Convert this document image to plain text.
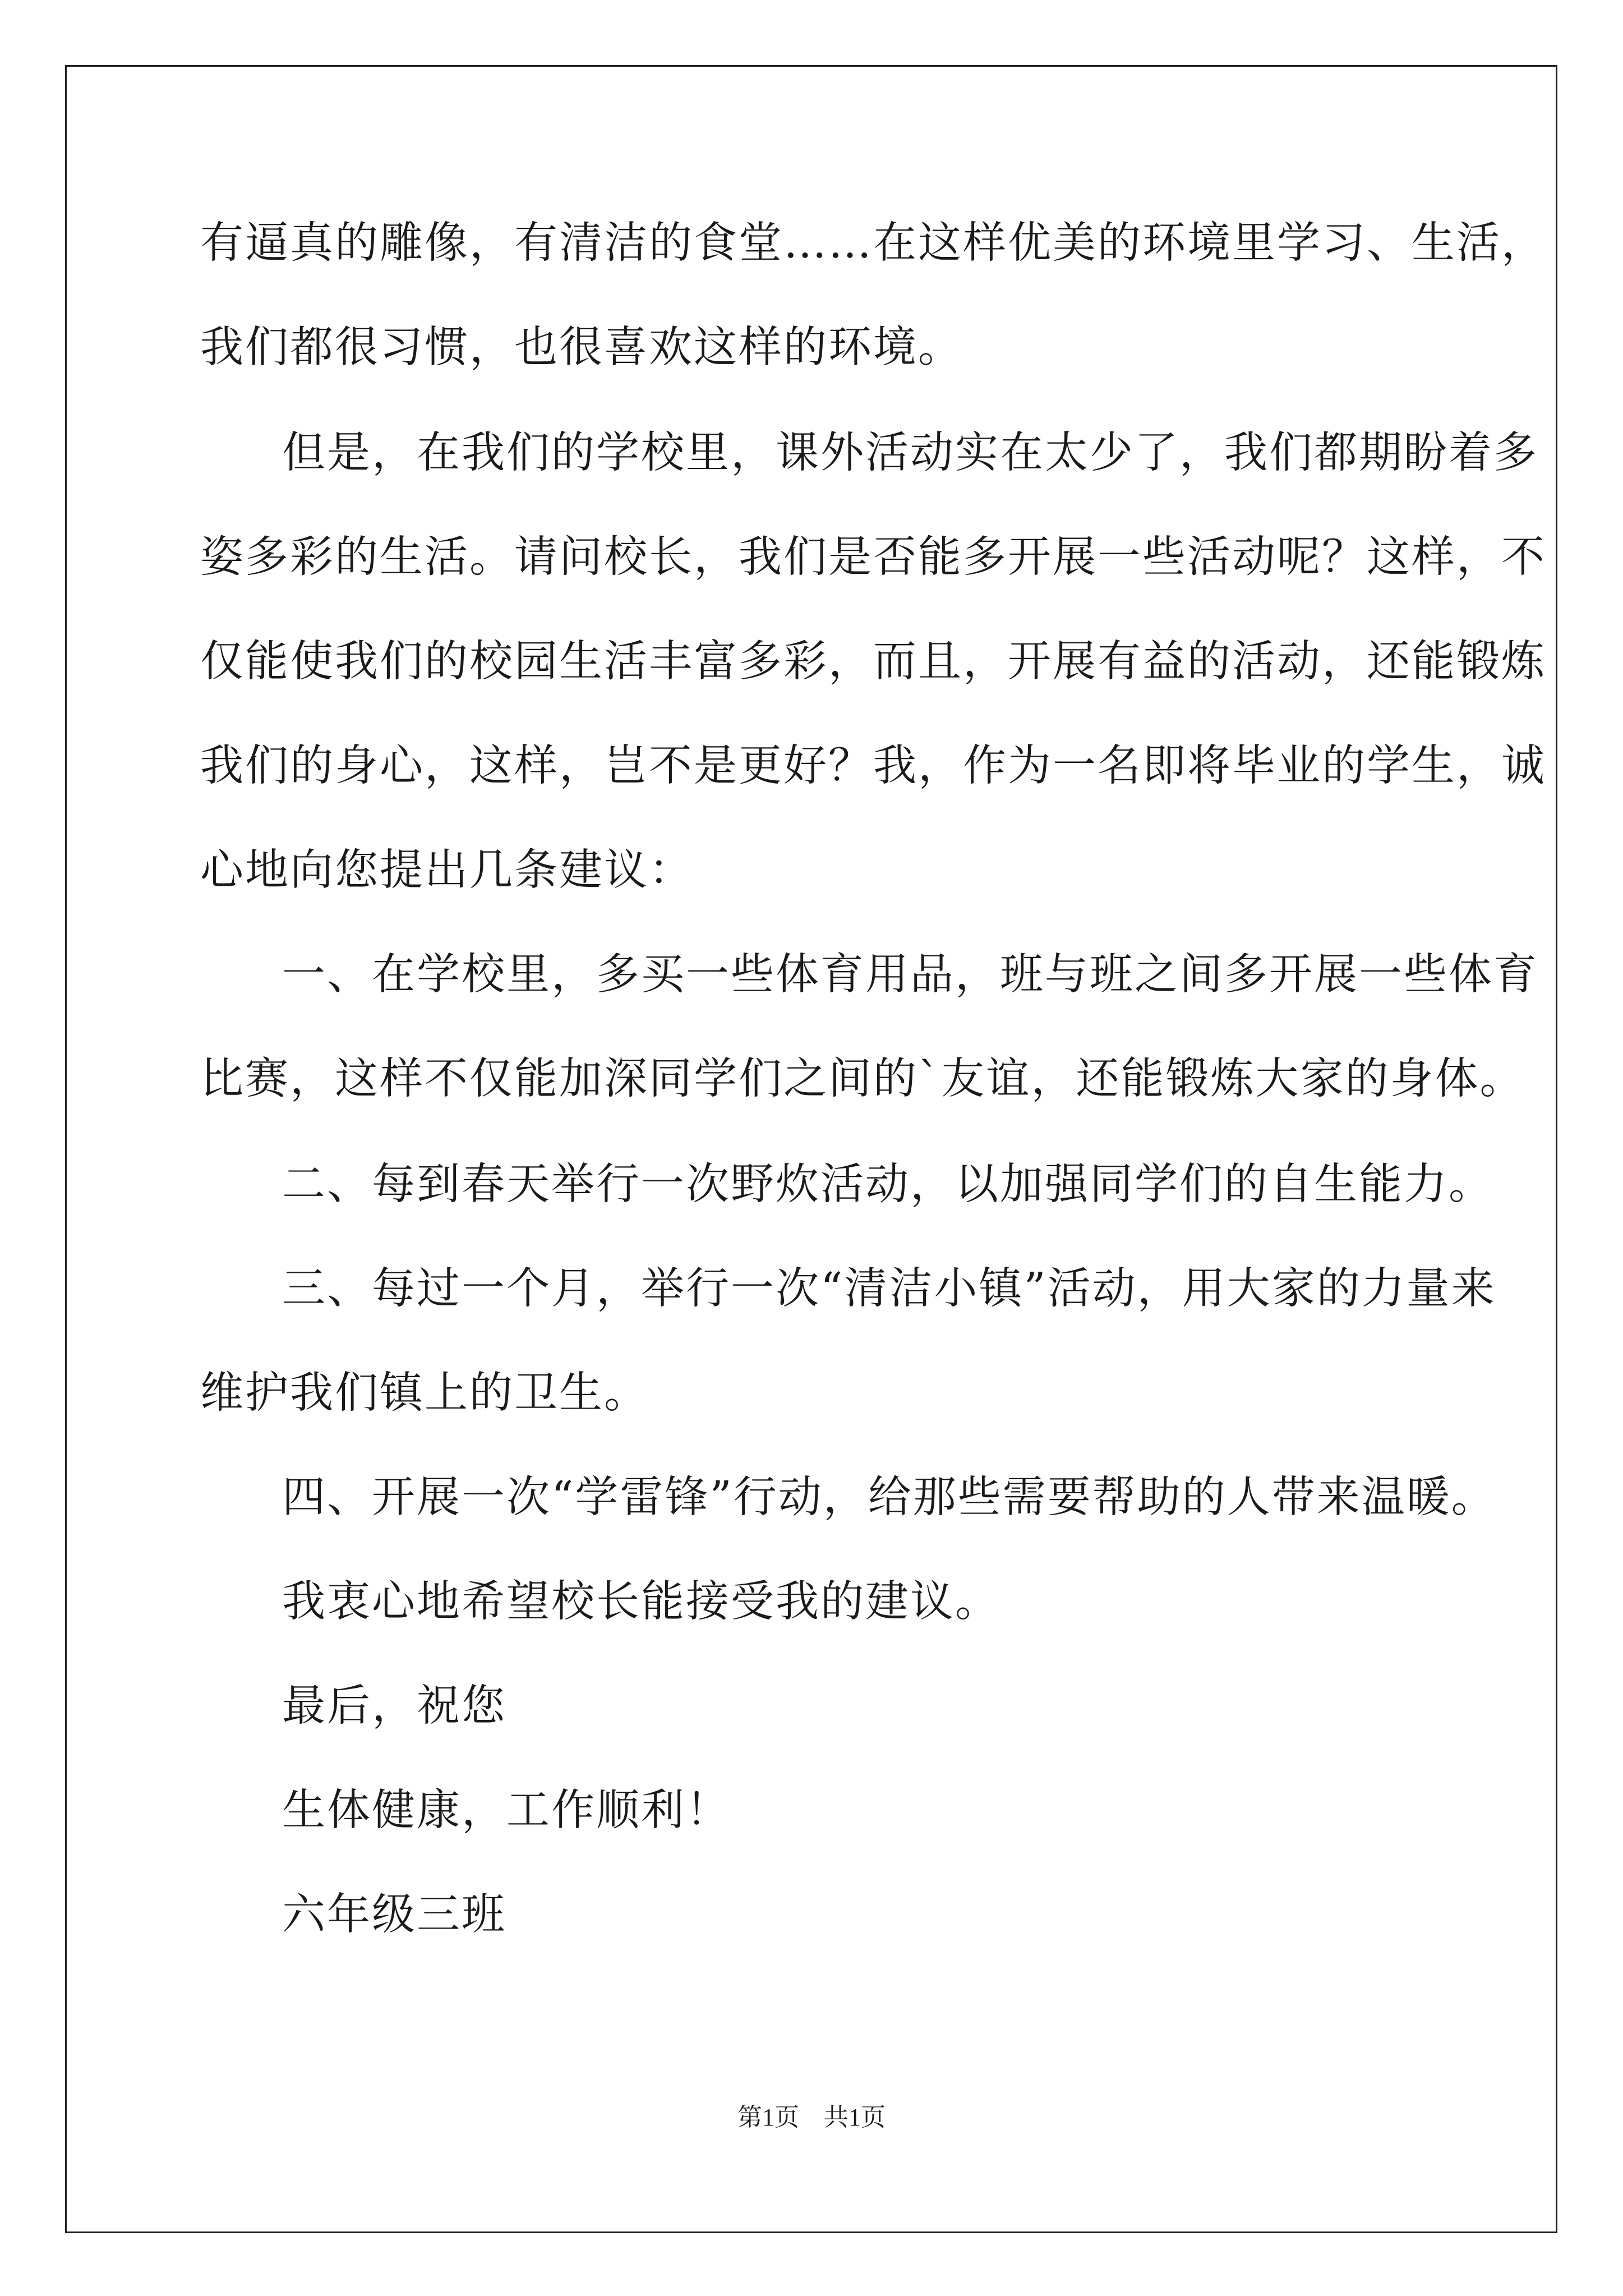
有逼真的雕像，有清洁的食堂……在这样优美的环境里学习、生活，
我们都很习惯，也很喜欢这样的环境。
但是，在我们的学校里，课外活动实在太少了，我们都期盼着多
姿多彩的生活。请问校长，我们是否能多开展一些活动呢？这样，不
仅能使我们的校园生活丰富多彩，而且，开展有益的活动，还能锻炼
我们的身心，这样，岂不是更好？我，作为一名即将毕业的学生，诚
心地向您提出几条建议：
一、在学校里，多买一些体育用品，班与班之间多开展一些体育
比赛，这样不仅能加深同学们之间的`友谊，还能锻炼大家的身体。
二、每到春天举行一次野炊活动，以加强同学们的自生能力。
三、每过一个月，举行一次“清洁小镇”活动，用大家的力量来
维护我们镇上的卫生。
四、开展一次“学雷锋”行动，给那些需要帮助的人带来温暖。
我衷心地希望校长能接受我的建议。
最后，祝您
生体健康，工作顺利！
六年级三班
第1页　共1页
